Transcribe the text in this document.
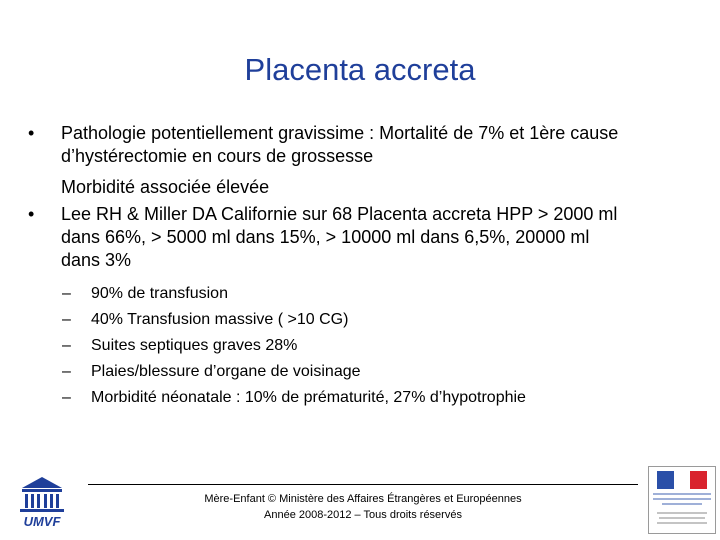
Placenta accreta
• Pathologie potentiellement gravissime : Mortalité de 7% et 1ère cause
d’hystérectomie en cours de grossesse
Morbidité associée élevée
• Lee RH & Miller DA Californie sur 68 Placenta accreta HPP > 2000 ml
dans 66%, > 5000 ml dans 15%, > 10000 ml dans 6,5%, 20000 ml
dans 3%
– 90% de transfusion
– 40% Transfusion massive ( >10 CG)
– Suites septiques graves 28%
– Plaies/blessure d’organe de voisinage
– Morbidité néonatale : 10% de prématurité, 27% d’hypotrophie
UMVF
Mère-Enfant © Ministère des Affaires Étrangères et Européennes
Année 2008-2012 – Tous droits réservés
